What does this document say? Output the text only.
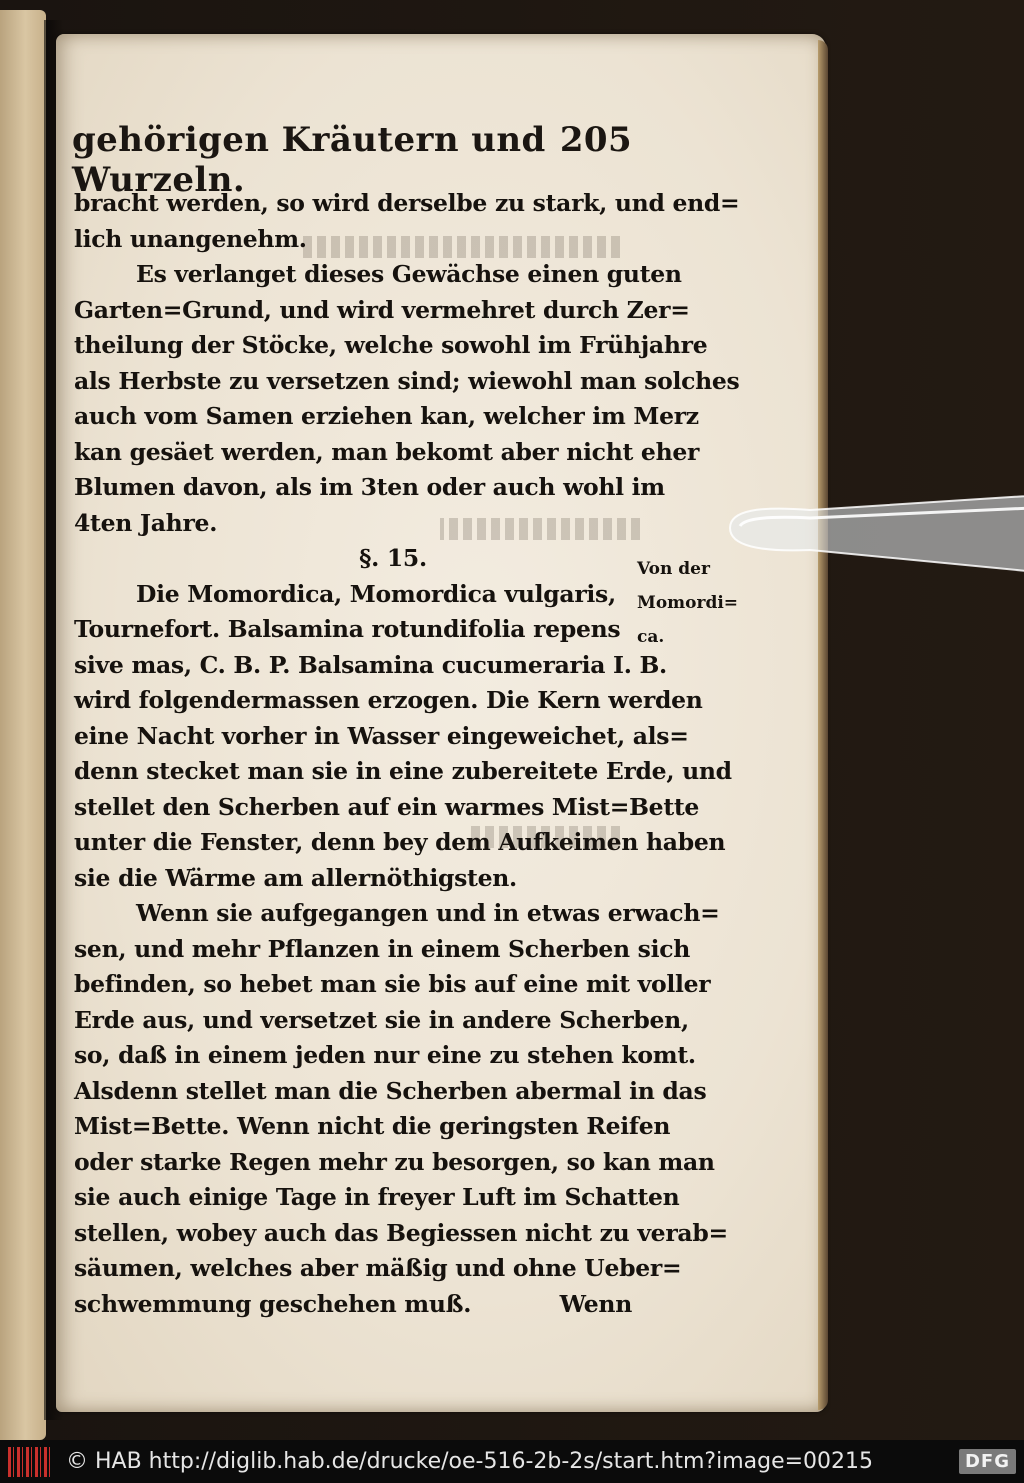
gehörigen Kräutern und Wurzeln.
205
bracht werden, so wird derselbe zu stark, und end=
lich unangenehm.
Es verlanget dieses Gewächse einen guten
Garten=Grund, und wird vermehret durch Zer=
theilung der Stöcke, welche sowohl im Frühjahre
als Herbste zu versetzen sind; wiewohl man solches
auch vom Samen erziehen kan, welcher im Merz
kan gesäet werden, man bekomt aber nicht eher
Blumen davon, als im 3ten oder auch wohl im
4ten Jahre.
§. 15.
Die Momordica, Momordica vulgaris,
Tournefort. Balsamina rotundifolia repens
sive mas, C. B. P. Balsamina cucumeraria I. B.
wird folgendermassen erzogen. Die Kern werden
eine Nacht vorher in Wasser eingeweichet, als=
denn stecket man sie in eine zubereitete Erde, und
stellet den Scherben auf ein warmes Mist=Bette
unter die Fenster, denn bey dem Aufkeimen haben
sie die Wärme am allernöthigsten.
Wenn sie aufgegangen und in etwas erwach=
sen, und mehr Pflanzen in einem Scherben sich
befinden, so hebet man sie bis auf eine mit voller
Erde aus, und versetzet sie in andere Scherben,
so, daß in einem jeden nur eine zu stehen komt.
Alsdenn stellet man die Scherben abermal in das
Mist=Bette. Wenn nicht die geringsten Reifen
oder starke Regen mehr zu besorgen, so kan man
sie auch einige Tage in freyer Luft im Schatten
stellen, wobey auch das Begiessen nicht zu verab=
säumen, welches aber mäßig und ohne Ueber=
schwemmung geschehen muß.	Wenn
Von der
Momordi=
ca.
© HAB http://diglib.hab.de/drucke/oe-516-2b-2s/start.htm?image=00215	DFG
